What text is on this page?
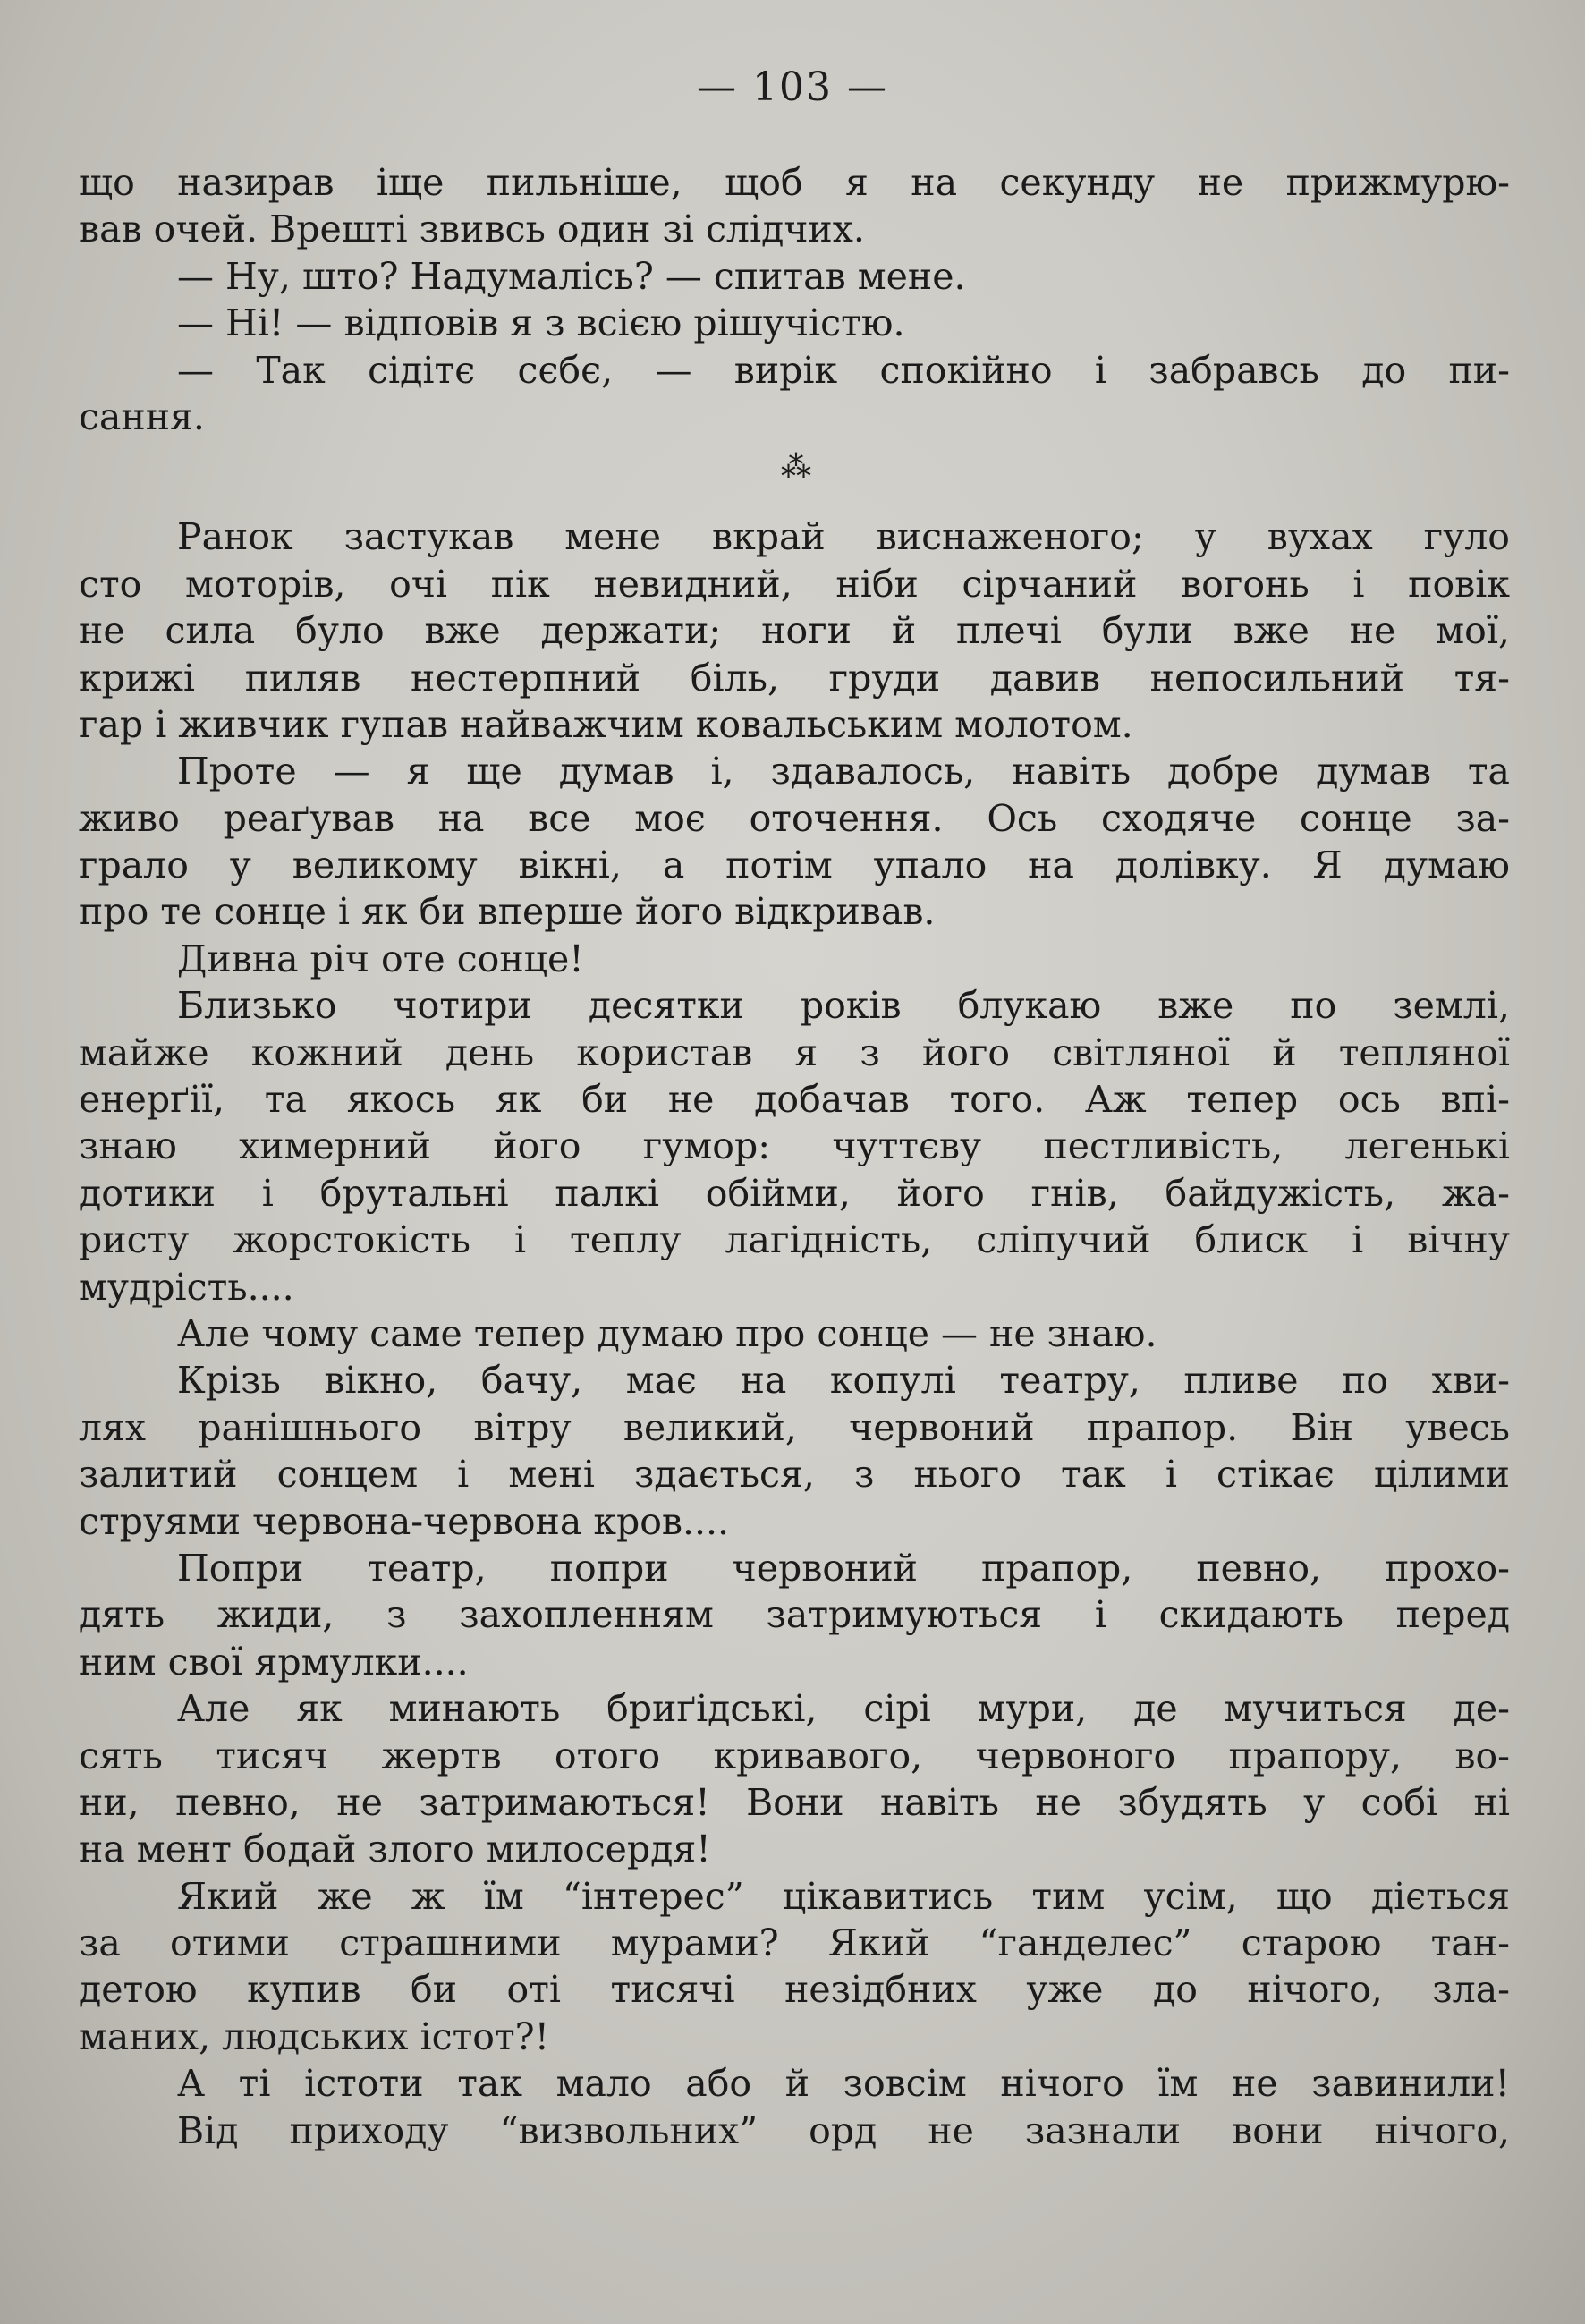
— 103 —
що назирав іще пильніше, щоб я на секунду не прижмурю-
вав очей. Врешті звивсь один зі слідчих.
— Ну, што? Надумалісь? — спитав мене.
— Ні! — відповів я з всією рішучістю.
— Так сідітє сєбє, — вирік спокійно і забравсь до пи-
сання.
⁂
Ранок застукав мене вкрай виснаженого; у вухах гуло
сто моторів, очі пік невидний, ніби сірчаний вогонь і повік
не сила було вже держати; ноги й плечі були вже не мої,
крижі пиляв нестерпний біль, груди давив непосильний тя-
гар і живчик гупав найважчим ковальським молотом.
Проте — я ще думав і, здавалось, навіть добре думав та
живо реаґував на все моє оточення. Ось сходяче сонце за-
грало у великому вікні, а потім упало на долівку. Я думаю
про те сонце і як би вперше його відкривав.
Дивна річ оте сонце!
Близько чотири десятки років блукаю вже по землі,
майже кожний день користав я з його світляної й тепляної
енерґії, та якось як би не добачав того. Аж тепер ось впі-
знаю химерний його гумор: чуттєву пестливість, легенькі
дотики і брутальні палкі обійми, його гнів, байдужість, жа-
ристу жорстокість і теплу лагідність, сліпучий блиск і вічну
мудрість....
Але чому саме тепер думаю про сонце — не знаю.
Крізь вікно, бачу, має на копулі театру, пливе по хви-
лях ранішнього вітру великий, червоний прапор. Він увесь
залитий сонцем і мені здається, з нього так і стікає цілими
струями червона-червона кров....
Попри театр, попри червоний прапор, певно, прохо-
дять жиди, з захопленням затримуються і скидають перед
ним свої ярмулки....
Але як минають бриґідські, сірі мури, де мучиться де-
сять тисяч жертв отого кривавого, червоного прапору, во-
ни, певно, не затримаються! Вони навіть не збудять у собі ні
на мент бодай злого милосердя!
Який же ж їм “інтерес” цікавитись тим усім, що діється
за отими страшними мурами? Який “ганделес” старою тан-
детою купив би оті тисячі незідбних уже до нічого, зла-
маних, людських істот?!
А ті істоти так мало або й зовсім нічого їм не завинили!
Від приходу “визвольних” орд не зазнали вони нічого,
